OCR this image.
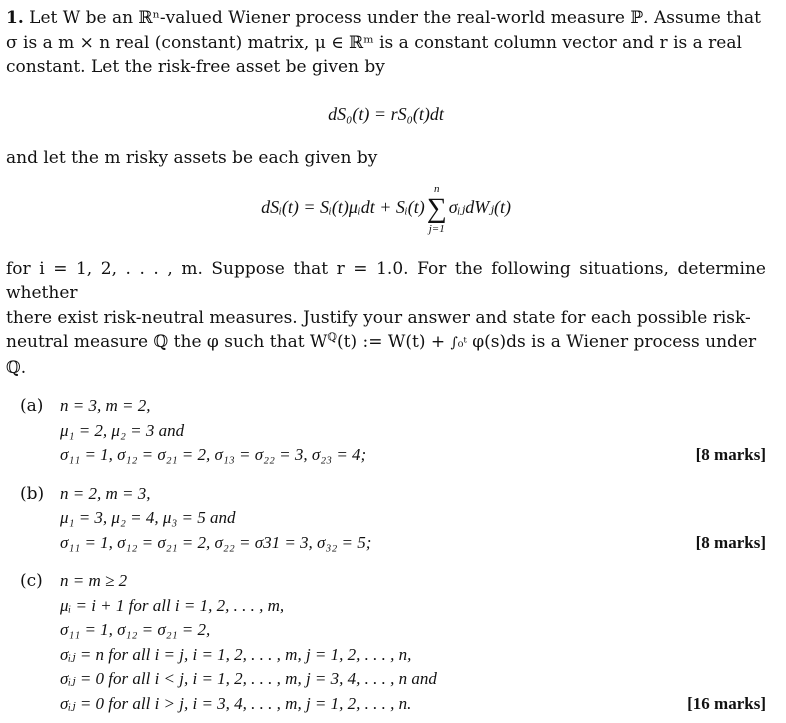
1. Let W be an ℝⁿ-valued Wiener process under the real-world measure ℙ. Assume that
σ is a m × n real (constant) matrix, μ ∈ ℝᵐ is a constant column vector and r is a real
constant. Let the risk-free asset be given by
dS₀(t) = rS₀(t)dt
and let the m risky assets be each given by
dSᵢ(t) = Sᵢ(t)μᵢdt + Sᵢ(t)
n
∑
j=1
σᵢⱼdWⱼ(t)
for i = 1, 2, . . . , m. Suppose that r = 1.0. For the following situations, determine whether
there exist risk-neutral measures. Justify your answer and state for each possible risk-
neutral measure ℚ the φ such that $W^ℚ(t)$ := W(t) + ∫₀ᵗ φ(s)ds is a Wiener process under
ℚ.
(a) n = 3, m = 2,
μ₁ = 2, μ₂ = 3 and
σ₁₁ = 1, σ₁₂ = σ₂₁ = 2, σ₁₃ = σ₂₂ = 3, σ₂₃ = 4;	[8 marks]
(b) n = 2, m = 3,
μ₁ = 3, μ₂ = 4, μ₃ = 5 and
σ₁₁ = 1, σ₁₂ = σ₂₁ = 2, σ₂₂ = σ31 = 3, σ₃₂ = 5;	[8 marks]
(c) n = m ≥ 2
μᵢ = i + 1 for all i = 1, 2, . . . , m,
σ₁₁ = 1, σ₁₂ = σ₂₁ = 2,
σᵢⱼ = n for all i = j, i = 1, 2, . . . , m, j = 1, 2, . . . , n,
σᵢⱼ = 0 for all i < j, i = 1, 2, . . . , m, j = 3, 4, . . . , n and
σᵢⱼ = 0 for all i > j, i = 3, 4, . . . , m, j = 1, 2, . . . , n.	[16 marks]
